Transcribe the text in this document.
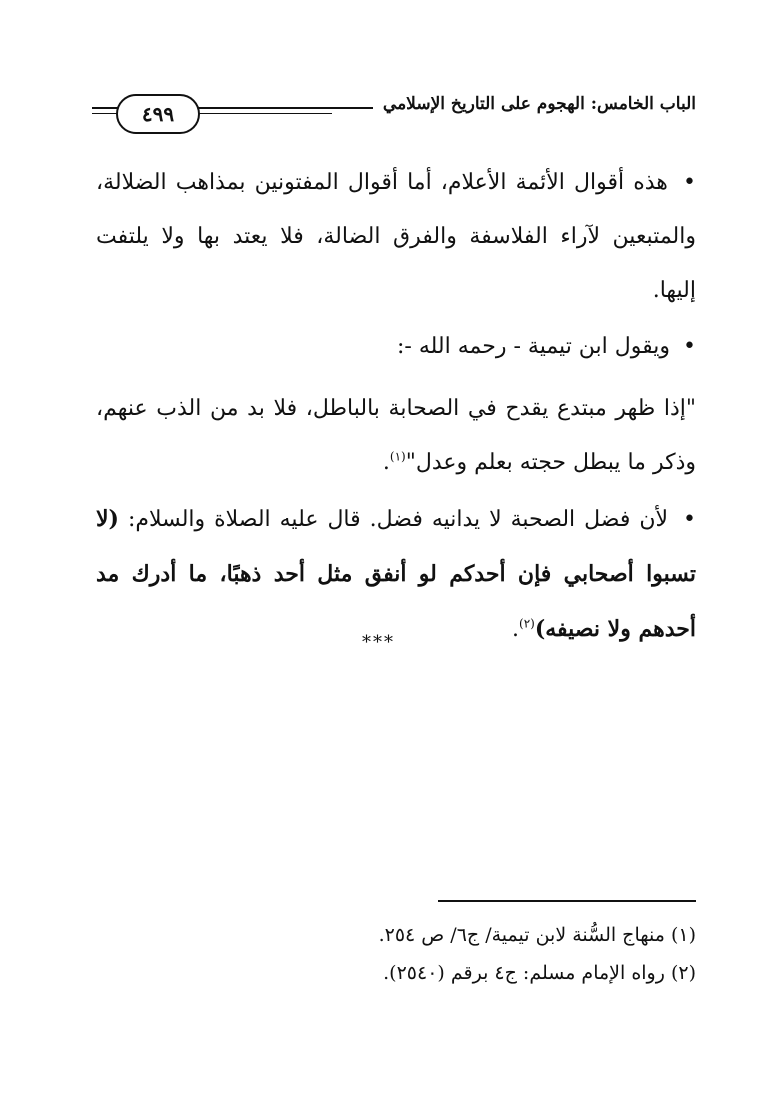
٤٩٩	الباب الخامس: الهجوم على التاريخ الإسلامي

• هذه أقوال الأئمة الأعلام، أما أقوال المفتونين بمذاهب الضلالة، والمتبعين لآراء الفلاسفة والفرق الضالة، فلا يعتد بها ولا يلتفت إليها.

• ويقول ابن تيمية - رحمه الله -:

"إذا ظهر مبتدع يقدح في الصحابة بالباطل، فلا بد من الذب عنهم، وذكر ما يبطل حجته بعلم وعدل"$^{(١)}$.

• لأن فضل الصحبة لا يدانيه فضل. قال عليه الصلاة والسلام: (لا تسبوا أصحابي فإن أحدكم لو أنفق مثل أحد ذهبًا، ما أدرك مد أحدهم ولا نصيفه)$^{(٢)}$.

***
(١) منهاج السُّنة لابن تيمية/ ج٦/ ص ٢٥٤.
(٢) رواه الإمام مسلم: ج٤ برقم (٢٥٤٠).
